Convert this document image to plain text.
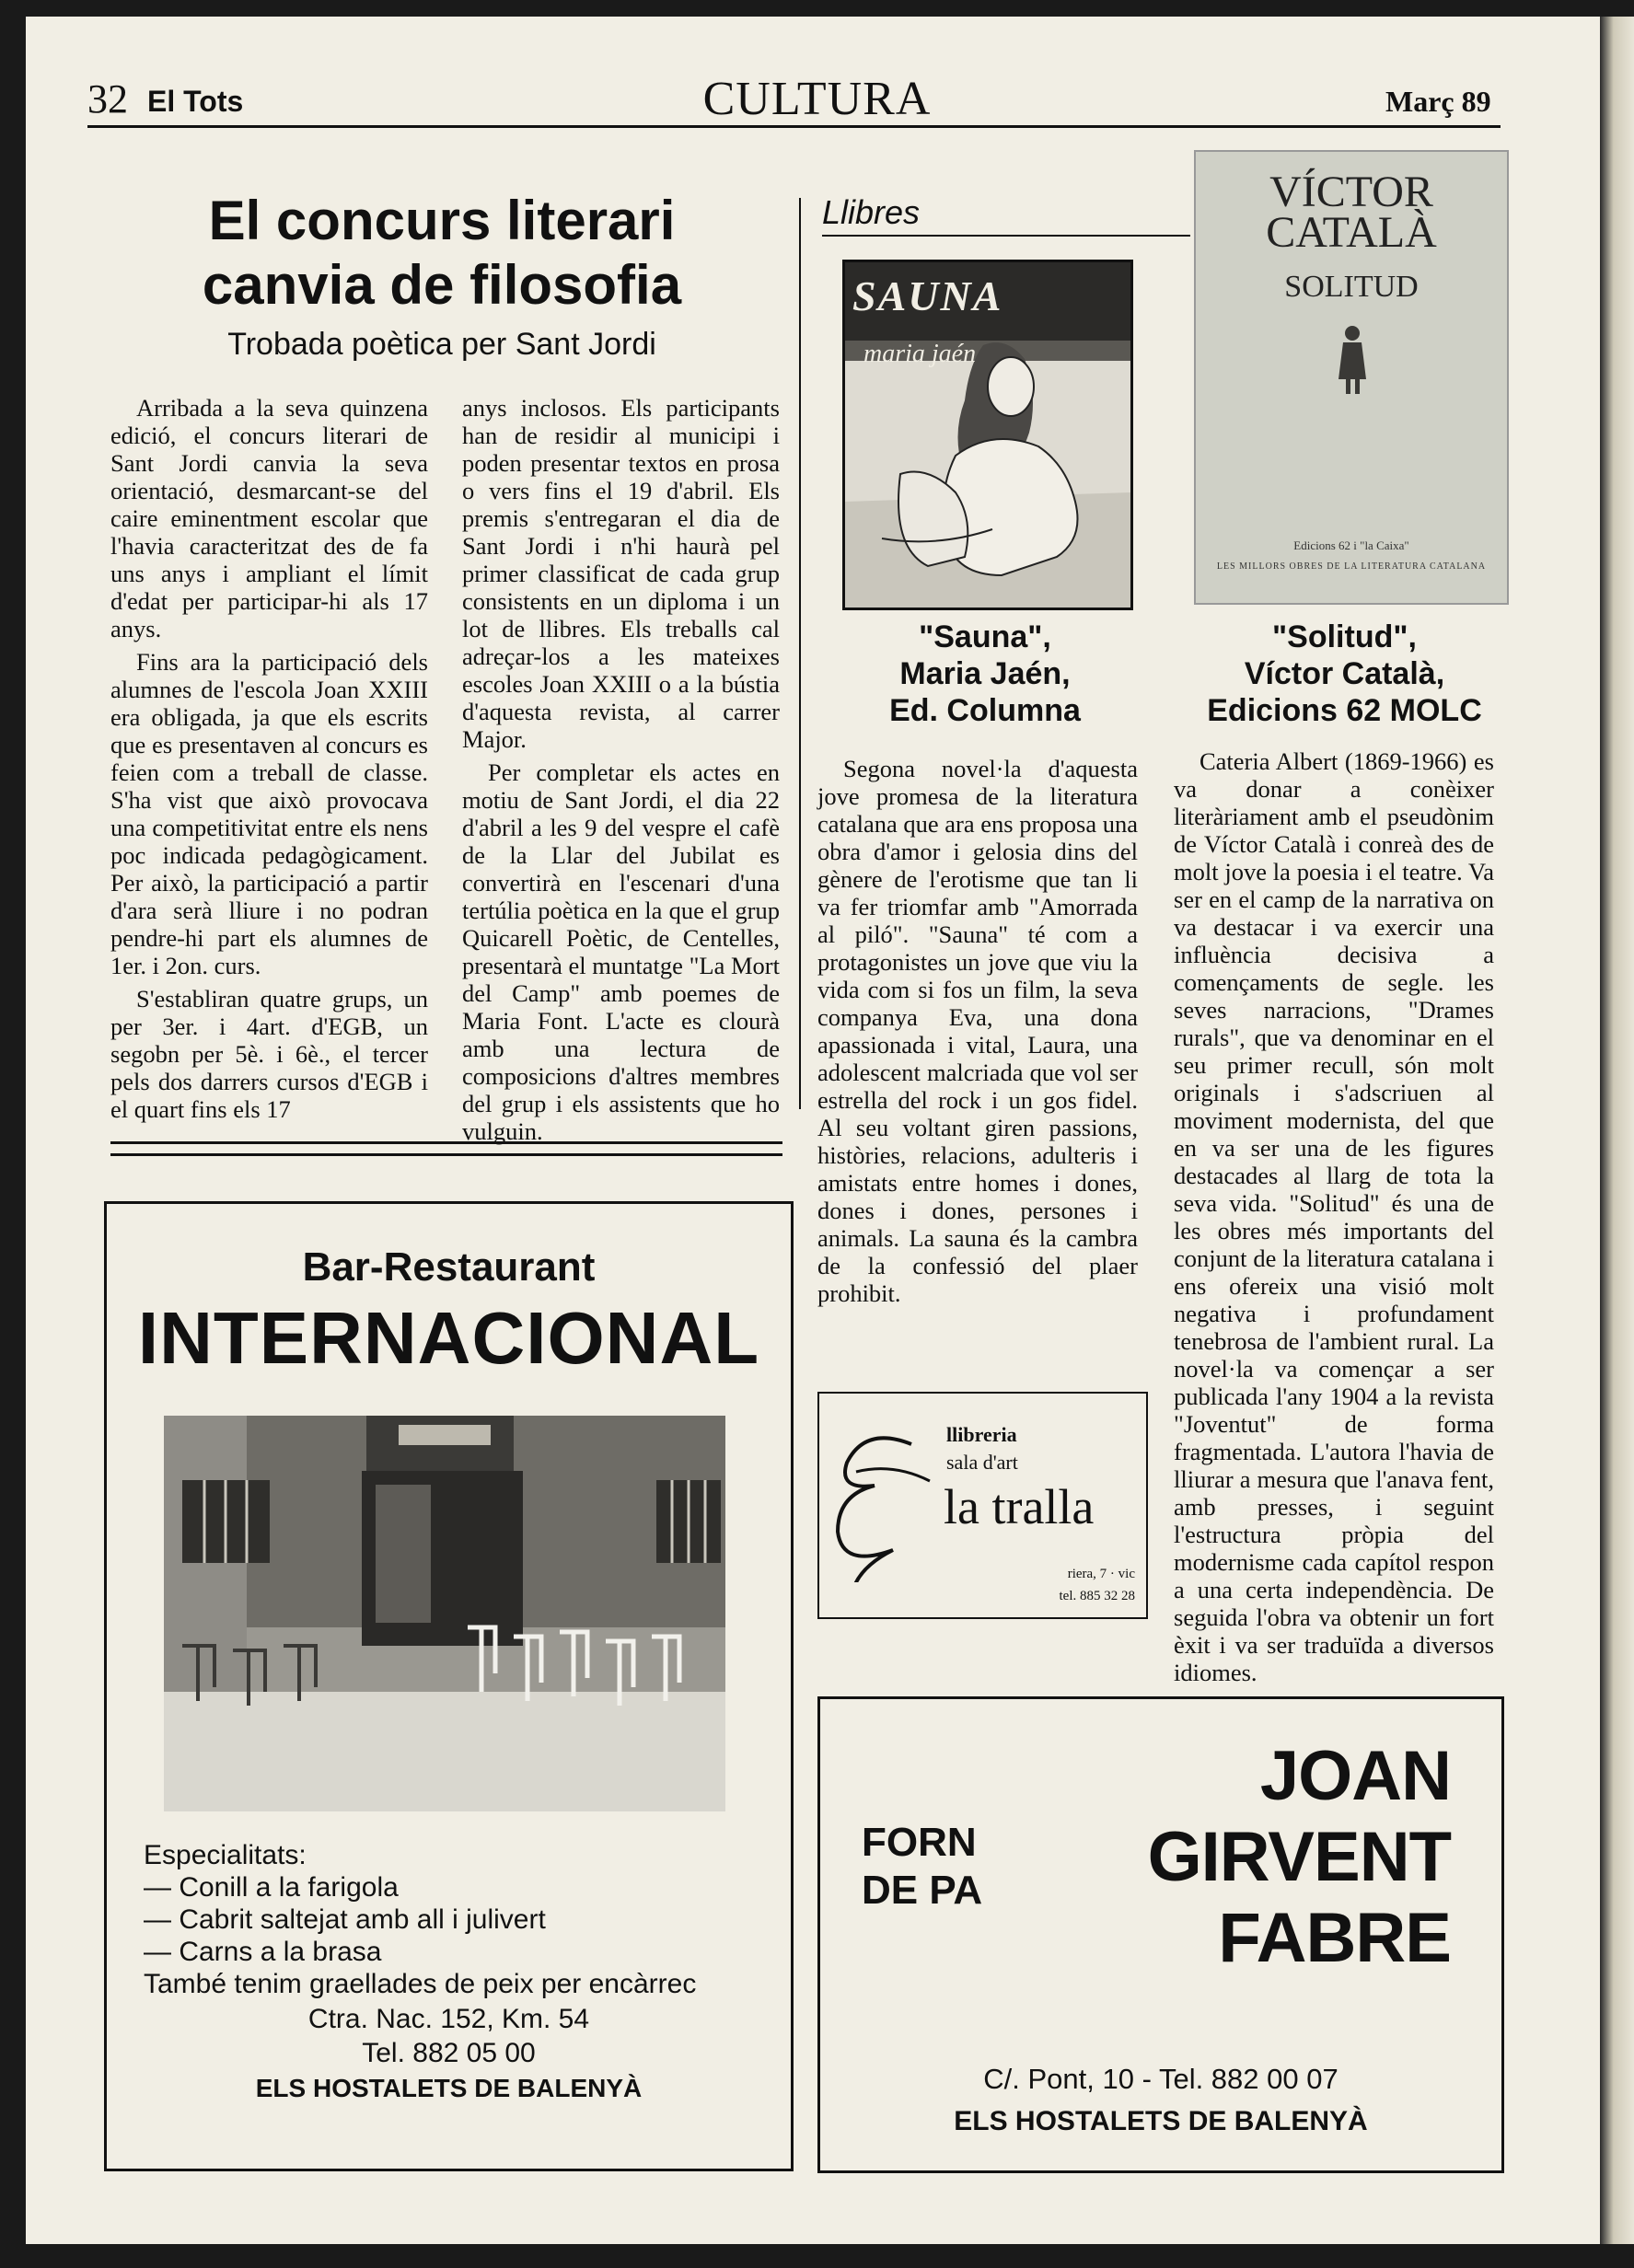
32 El Tots	CULTURA	Març 89
El concurs literari
canvia de filosofia
Trobada poètica per Sant Jordi

Arribada a la seva quinzena edició, el concurs literari de Sant Jordi canvia la seva orientació, desmarcant-se del caire eminentment escolar que l'havia caracteritzat des de fa uns anys i ampliant el límit d'edat per participar-hi als 17 anys.

Fins ara la participació dels alumnes de l'escola Joan XXIII era obligada, ja que els escrits que es presentaven al concurs es feien com a treball de classe. S'ha vist que això provocava una competitivitat entre els nens poc indicada pedagògicament. Per això, la participació a partir d'ara serà lliure i no podran pendre-hi part els alumnes de 1er. i 2on. curs.

S'establiran quatre grups, un per 3er. i 4art. d'EGB, un segobn per 5è. i 6è., el tercer pels dos darrers cursos d'EGB i el quart fins els 17

anys inclosos. Els participants han de residir al municipi i poden presentar textos en prosa o vers fins el 19 d'abril. Els premis s'entregaran el dia de Sant Jordi i n'hi haurà pel primer classificat de cada grup consistents en un diploma i un lot de llibres. Els treballs cal adreçar-los a les mateixes escoles Joan XXIII o a la bústia d'aquesta revista, al carrer Major.

Per completar els actes en motiu de Sant Jordi, el dia 22 d'abril a les 9 del vespre el cafè de la Llar del Jubilat es convertirà en l'escenari d'una tertúlia poètica en la que el grup Quicarell Poètic, de Centelles, presentarà el muntatge "La Mort del Camp" amb poemes de Maria Font. L'acte es clourà amb una lectura de composicions d'altres membres del grup i els assistents que ho vulguin.

Bar-Restaurant
INTERNACIONAL
Especialitats:
— Conill a la farigola
— Cabrit saltejat amb all i julivert
— Carns a la brasa
També tenim graellades de peix per encàrrec
Ctra. Nac. 152, Km. 54
Tel. 882 05 00
ELS HOSTALETS DE BALENYÀ
Llibres
SAUNA
maria jaén
VÍCTOR
CATALÀ
SOLITUD
Edicions 62 i "la Caixa"
LES MILLORS OBRES DE LA LITERATURA CATALANA
"Sauna",
Maria Jaén,
Ed. Columna
"Solitud",
Víctor Català,
Edicions 62 MOLC

Segona novel·la d'aquesta jove promesa de la literatura catalana que ara ens proposa una obra d'amor i gelosia dins del gènere de l'erotisme que tan li va fer triomfar amb "Amorrada al piló". "Sauna" té com a protagonistes un jove que viu la vida com si fos un film, la seva companya Eva, una dona apassionada i vital, Laura, una adolescent malcriada que vol ser estrella del rock i un gos fidel. Al seu voltant giren passions, històries, relacions, adulteris i amistats entre homes i dones, dones i dones, persones i animals. La sauna és la cambra de la confessió del plaer prohibit.

Cateria Albert (1869-1966) es va donar a conèixer literàriament amb el pseudònim de Víctor Català i conreà des de molt jove la poesia i el teatre. Va ser en el camp de la narrativa on va destacar i va exercir una influència decisiva a començaments de segle. les seves narracions, "Drames rurals", que va denominar en el seu primer recull, són molt originals i s'adscriuen al moviment modernista, del que en va ser una de les figures destacades al llarg de tota la seva vida. "Solitud" és una de les obres més importants del conjunt de la literatura catalana i ens ofereix una visió molt negativa i profundament tenebrosa de l'ambient rural. La novel·la va començar a ser publicada l'any 1904 a la revista "Joventut" de forma fragmentada. L'autora l'havia de lliurar a mesura que l'anava fent, amb presses, i seguint l'estructura pròpia del modernisme cada capítol respon a una certa independència. De seguida l'obra va obtenir un fort èxit i va ser traduïda a diversos idiomes.

llibreria
sala d'art
la tralla
riera, 7 · vic
tel. 885 32 28
FORN
DE PA
JOAN
GIRVENT
FABRE
C/. Pont, 10 - Tel. 882 00 07
ELS HOSTALETS DE BALENYÀ
